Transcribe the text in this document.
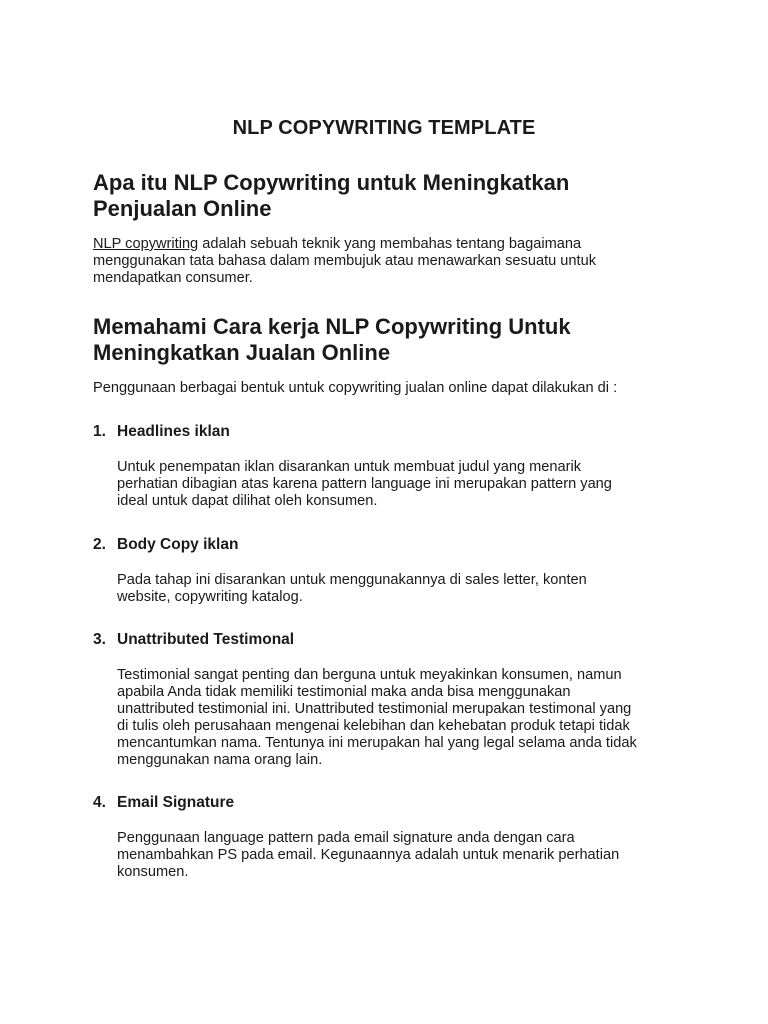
NLP COPYWRITING TEMPLATE
Apa itu NLP Copywriting untuk Meningkatkan
Penjualan Online

NLP copywriting adalah sebuah teknik yang membahas tentang bagaimana
menggunakan tata bahasa dalam membujuk atau menawarkan sesuatu untuk
mendapatkan consumer.

Memahami Cara kerja NLP Copywriting Untuk
Meningkatkan Jualan Online

Penggunaan berbagai bentuk untuk copywriting jualan online dapat dilakukan di :

1. Headlines iklan

Untuk penempatan iklan disarankan untuk membuat judul yang menarik
perhatian dibagian atas karena pattern language ini merupakan pattern yang
ideal untuk dapat dilihat oleh konsumen.

2. Body Copy iklan

Pada tahap ini disarankan untuk menggunakannya di sales letter, konten
website, copywriting katalog.

3. Unattributed Testimonal

Testimonial sangat penting dan berguna untuk meyakinkan konsumen, namun
apabila Anda tidak memiliki testimonial maka anda bisa menggunakan
unattributed testimonial ini. Unattributed testimonial merupakan testimonal yang
di tulis oleh perusahaan mengenai kelebihan dan kehebatan produk tetapi tidak
mencantumkan nama. Tentunya ini merupakan hal yang legal selama anda tidak
menggunakan nama orang lain.

4. Email Signature

Penggunaan language pattern pada email signature anda dengan cara
menambahkan PS pada email. Kegunaannya adalah untuk menarik perhatian
konsumen.
